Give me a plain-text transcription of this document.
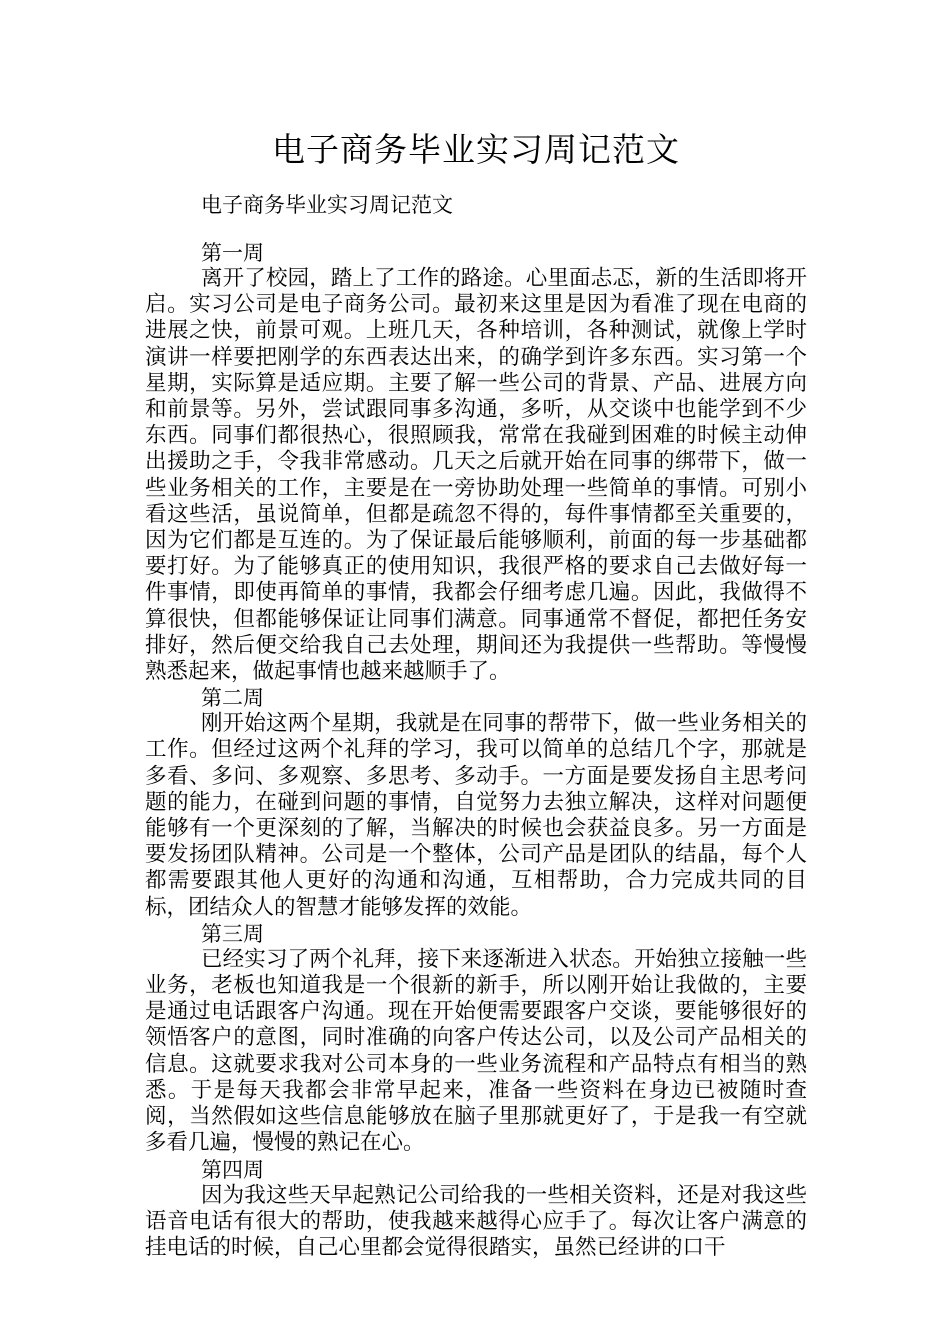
电子商务毕业实习周记范文

电子商务毕业实习周记范文

第一周

离开了校园，踏上了工作的路途。心里面忐忑，新的生活即将开启。实习公司是电子商务公司。最初来这里是因为看准了现在电商的进展之快，前景可观。上班几天，各种培训，各种测试，就像上学时演讲一样要把刚学的东西表达出来，的确学到许多东西。实习第一个星期，实际算是适应期。主要了解一些公司的背景、产品、进展方向和前景等。另外，尝试跟同事多沟通，多听，从交谈中也能学到不少东西。同事们都很热心，很照顾我，常常在我碰到困难的时候主动伸出援助之手，令我非常感动。几天之后就开始在同事的绑带下，做一些业务相关的工作，主要是在一旁协助处理一些简单的事情。可别小看这些活，虽说简单，但都是疏忽不得的，每件事情都至关重要的，因为它们都是互连的。为了保证最后能够顺利，前面的每一步基础都要打好。为了能够真正的使用知识，我很严格的要求自己去做好每一件事情，即使再简单的事情，我都会仔细考虑几遍。因此，我做得不算很快，但都能够保证让同事们满意。同事通常不督促，都把任务安排好，然后便交给我自己去处理，期间还为我提供一些帮助。等慢慢熟悉起来，做起事情也越来越顺手了。

第二周

刚开始这两个星期，我就是在同事的帮带下，做一些业务相关的工作。但经过这两个礼拜的学习，我可以简单的总结几个字，那就是多看、多问、多观察、多思考、多动手。一方面是要发扬自主思考问题的能力，在碰到问题的事情，自觉努力去独立解决，这样对问题便能够有一个更深刻的了解，当解决的时候也会获益良多。另一方面是要发扬团队精神。公司是一个整体，公司产品是团队的结晶，每个人都需要跟其他人更好的沟通和沟通，互相帮助，合力完成共同的目标，团结众人的智慧才能够发挥的效能。

第三周

已经实习了两个礼拜，接下来逐渐进入状态。开始独立接触一些业务，老板也知道我是一个很新的新手，所以刚开始让我做的，主要是通过电话跟客户沟通。现在开始便需要跟客户交谈，要能够很好的领悟客户的意图，同时准确的向客户传达公司，以及公司产品相关的信息。这就要求我对公司本身的一些业务流程和产品特点有相当的熟悉。于是每天我都会非常早起来，准备一些资料在身边已被随时查阅，当然假如这些信息能够放在脑子里那就更好了，于是我一有空就多看几遍，慢慢的熟记在心。

第四周

因为我这些天早起熟记公司给我的一些相关资料，还是对我这些语音电话有很大的帮助，使我越来越得心应手了。每次让客户满意的挂电话的时候，自己心里都会觉得很踏实，虽然已经讲的口干
